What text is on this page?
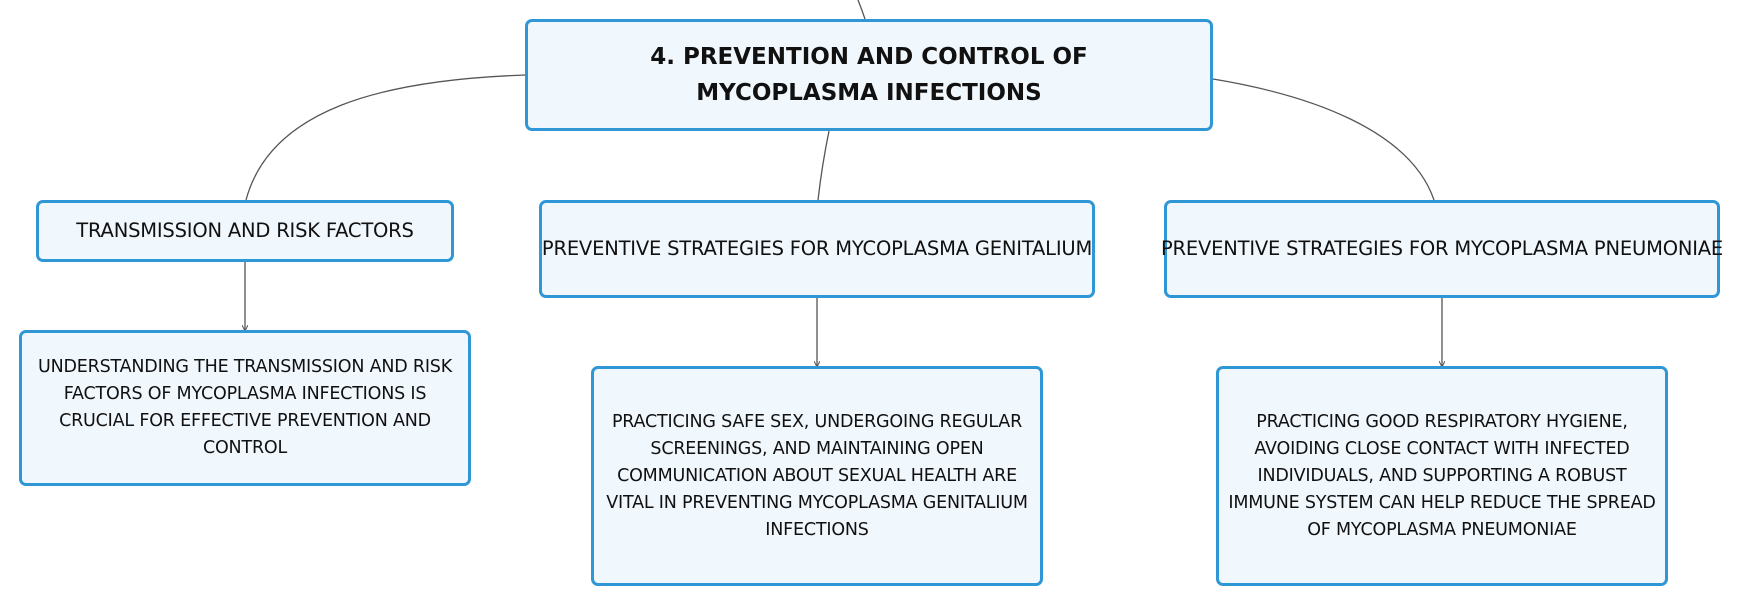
4. PREVENTION AND CONTROL OF MYCOPLASMA INFECTIONS
TRANSMISSION AND RISK FACTORS
PREVENTIVE STRATEGIES FOR MYCOPLASMA GENITALIUM	PREVENTIVE STRATEGIES FOR MYCOPLASMA PNEUMONIAE
UNDERSTANDING THE TRANSMISSION AND RISK FACTORS OF MYCOPLASMA INFECTIONS IS CRUCIAL FOR EFFECTIVE PREVENTION AND CONTROL
PRACTICING SAFE SEX, UNDERGOING REGULAR SCREENINGS, AND MAINTAINING OPEN COMMUNICATION ABOUT SEXUAL HEALTH ARE VITAL IN PREVENTING MYCOPLASMA GENITALIUM INFECTIONS
PRACTICING GOOD RESPIRATORY HYGIENE, AVOIDING CLOSE CONTACT WITH INFECTED INDIVIDUALS, AND SUPPORTING A ROBUST IMMUNE SYSTEM CAN HELP REDUCE THE SPREAD OF MYCOPLASMA PNEUMONIAE
